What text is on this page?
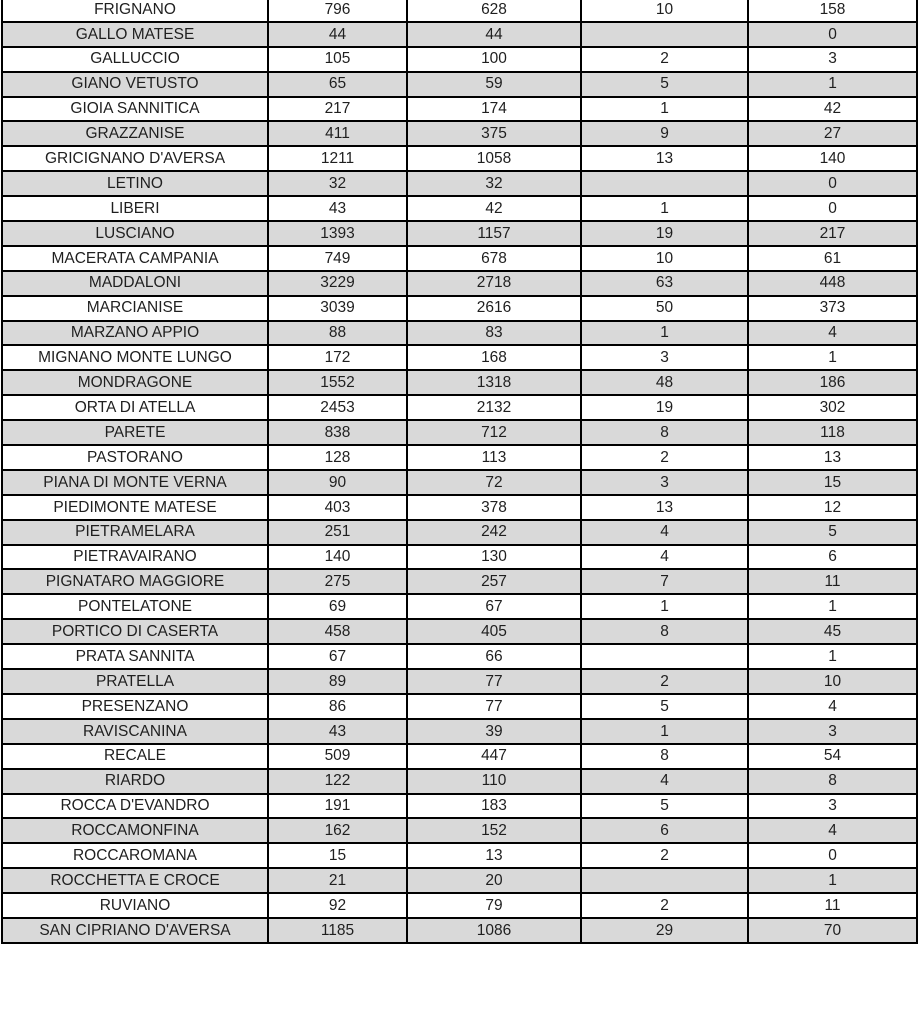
FRIGNANO	796	628	10	158
GALLO MATESE	44	44		0
GALLUCCIO	105	100	2	3
GIANO VETUSTO	65	59	5	1
GIOIA SANNITICA	217	174	1	42
GRAZZANISE	411	375	9	27
GRICIGNANO D'AVERSA	1211	1058	13	140
LETINO	32	32		0
LIBERI	43	42	1	0
LUSCIANO	1393	1157	19	217
MACERATA CAMPANIA	749	678	10	61
MADDALONI	3229	2718	63	448
MARCIANISE	3039	2616	50	373
MARZANO APPIO	88	83	1	4
MIGNANO MONTE LUNGO	172	168	3	1
MONDRAGONE	1552	1318	48	186
ORTA DI ATELLA	2453	2132	19	302
PARETE	838	712	8	118
PASTORANO	128	113	2	13
PIANA DI MONTE VERNA	90	72	3	15
PIEDIMONTE MATESE	403	378	13	12
PIETRAMELARA	251	242	4	5
PIETRAVAIRANO	140	130	4	6
PIGNATARO MAGGIORE	275	257	7	11
PONTELATONE	69	67	1	1
PORTICO DI CASERTA	458	405	8	45
PRATA SANNITA	67	66		1
PRATELLA	89	77	2	10
PRESENZANO	86	77	5	4
RAVISCANINA	43	39	1	3
RECALE	509	447	8	54
RIARDO	122	110	4	8
ROCCA D'EVANDRO	191	183	5	3
ROCCAMONFINA	162	152	6	4
ROCCAROMANA	15	13	2	0
ROCCHETTA E CROCE	21	20		1
RUVIANO	92	79	2	11
SAN CIPRIANO D'AVERSA	1185	1086	29	70
